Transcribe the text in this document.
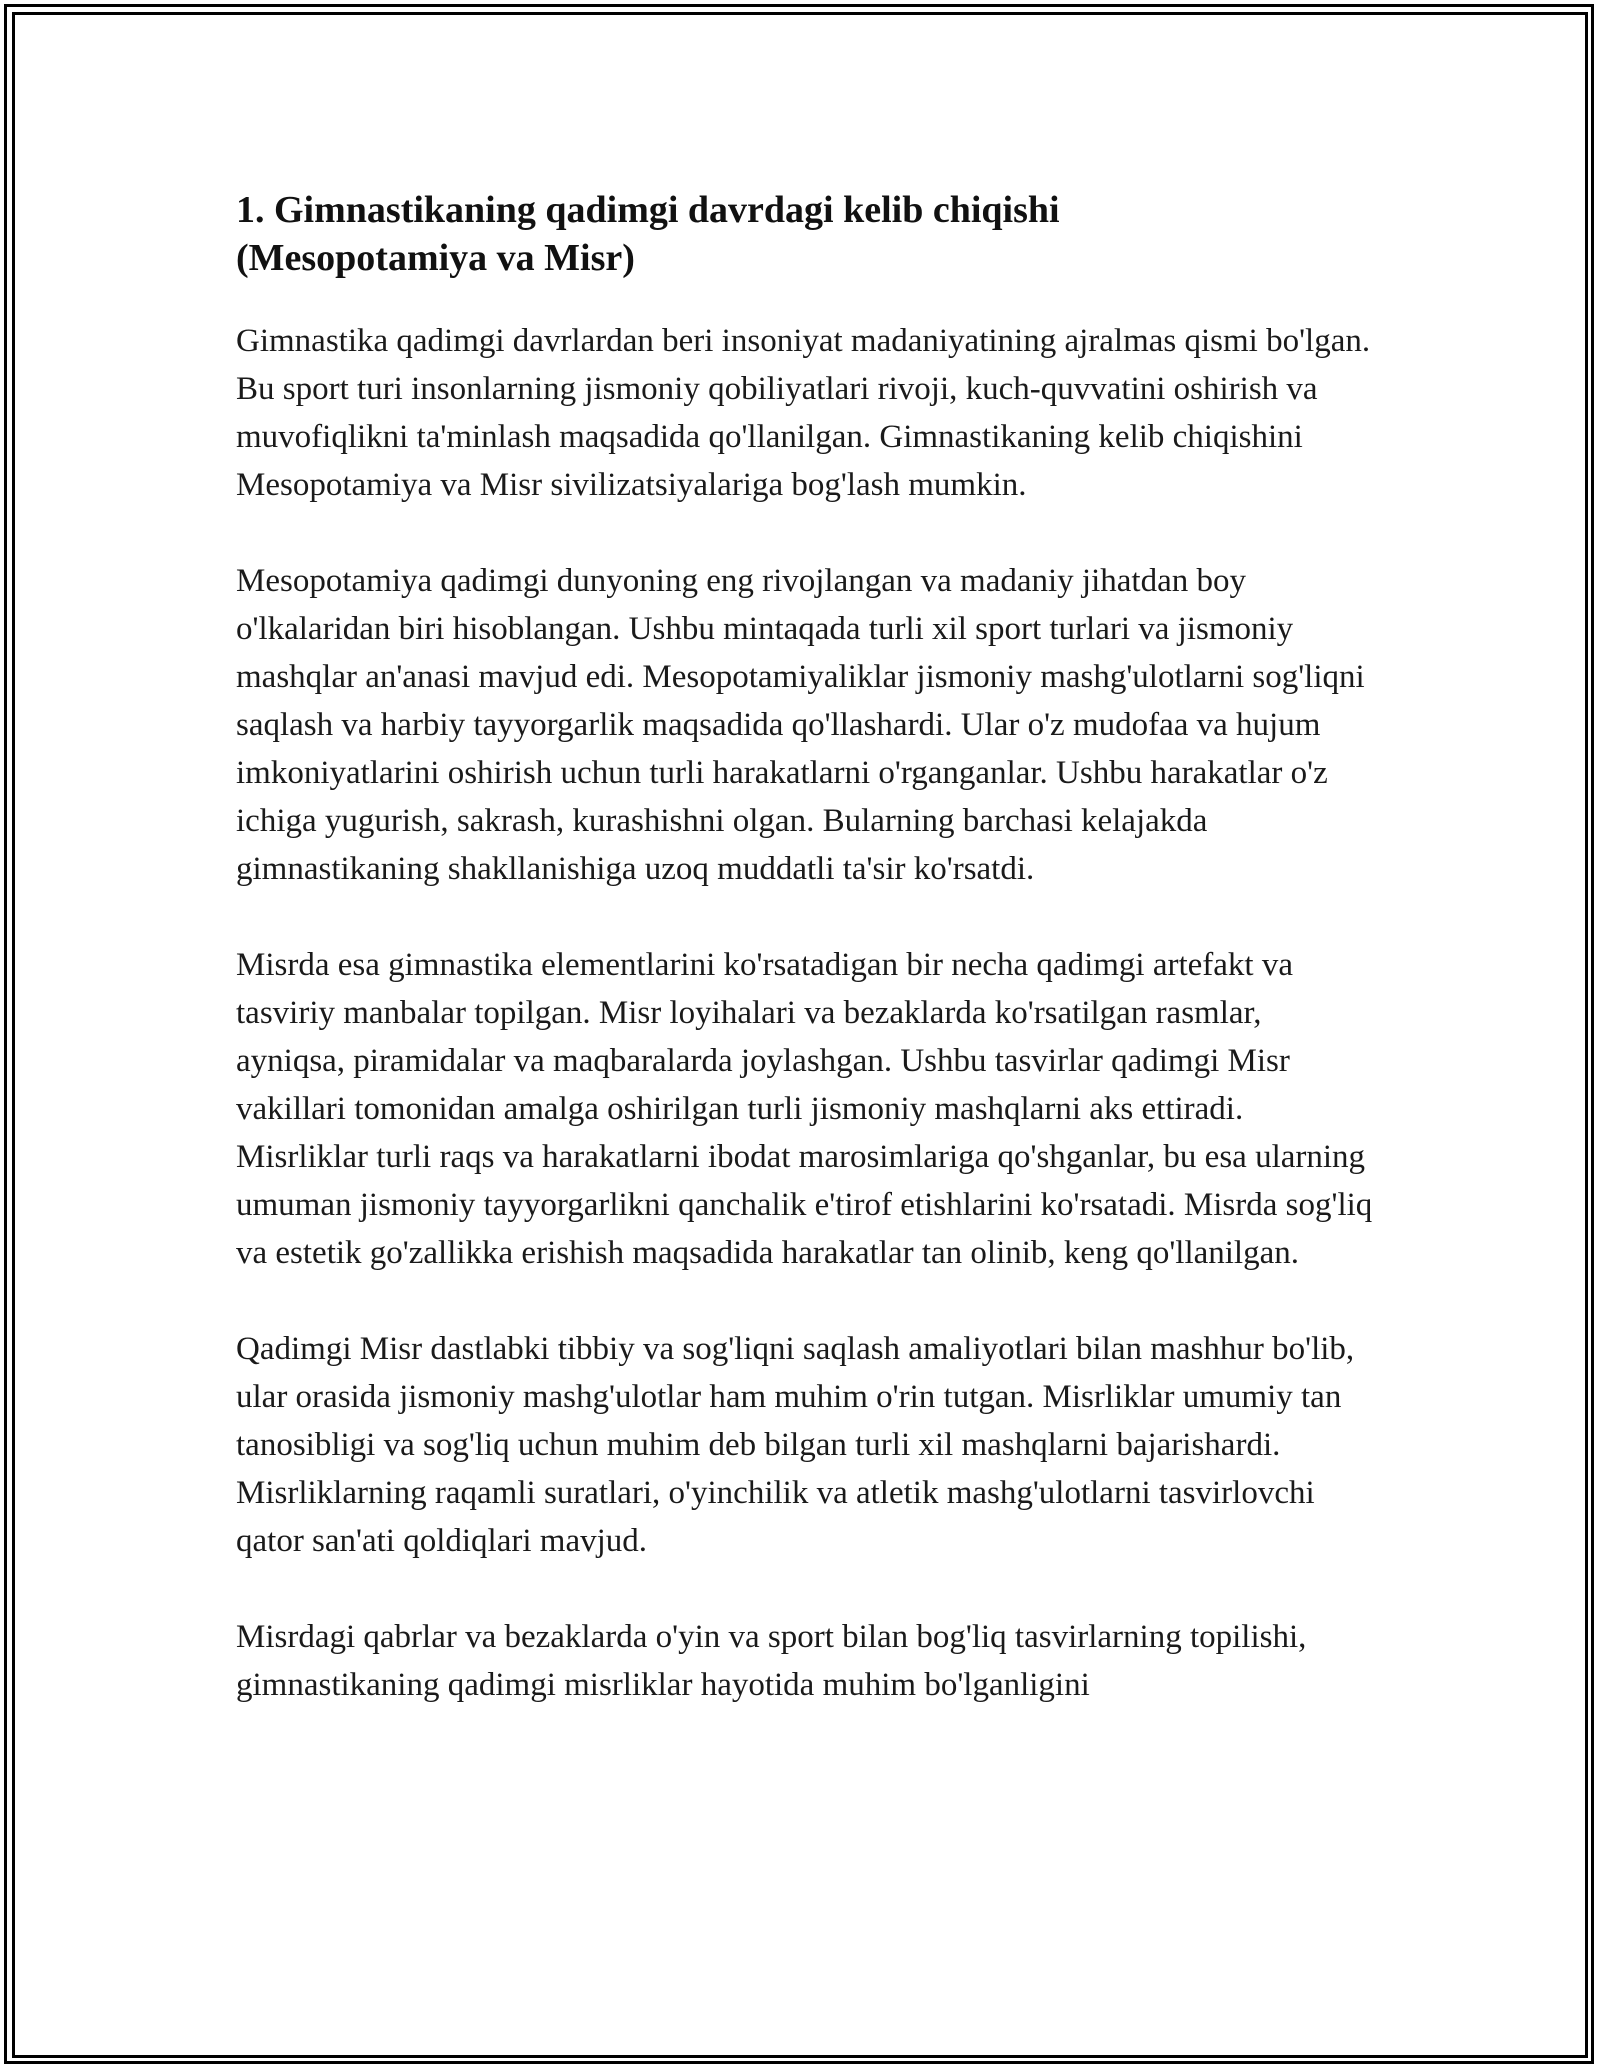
1. Gimnastikaning qadimgi davrdagi kelib chiqishi
(Mesopotamiya va Misr)

Gimnastika qadimgi davrlardan beri insoniyat madaniyatining ajralmas qismi bo'lgan. Bu sport turi insonlarning jismoniy qobiliyatlari rivoji, kuch-quvvatini oshirish va muvofiqlikni ta'minlash maqsadida qo'llanilgan. Gimnastikaning kelib chiqishini Mesopotamiya va Misr sivilizatsiyalariga bog'lash mumkin.

Mesopotamiya qadimgi dunyoning eng rivojlangan va madaniy jihatdan boy o'lkalaridan biri hisoblangan. Ushbu mintaqada turli xil sport turlari va jismoniy mashqlar an'anasi mavjud edi. Mesopotamiyaliklar jismoniy mashg'ulotlarni sog'liqni saqlash va harbiy tayyorgarlik maqsadida qo'llashardi. Ular o'z mudofaa va hujum imkoniyatlarini oshirish uchun turli harakatlarni o'rganganlar. Ushbu harakatlar o'z ichiga yugurish, sakrash, kurashishni olgan. Bularning barchasi kelajakda gimnastikaning shakllanishiga uzoq muddatli ta'sir ko'rsatdi.

Misrda esa gimnastika elementlarini ko'rsatadigan bir necha qadimgi artefakt va tasviriy manbalar topilgan. Misr loyihalari va bezaklarda ko'rsatilgan rasmlar, ayniqsa, piramidalar va maqbaralarda joylashgan. Ushbu tasvirlar qadimgi Misr vakillari tomonidan amalga oshirilgan turli jismoniy mashqlarni aks ettiradi. Misrliklar turli raqs va harakatlarni ibodat marosimlariga qo'shganlar, bu esa ularning umuman jismoniy tayyorgarlikni qanchalik e'tirof etishlarini ko'rsatadi. Misrda sog'liq va estetik go'zallikka erishish maqsadida harakatlar tan olinib, keng qo'llanilgan.

Qadimgi Misr dastlabki tibbiy va sog'liqni saqlash amaliyotlari bilan mashhur bo'lib, ular orasida jismoniy mashg'ulotlar ham muhim o'rin tutgan. Misrliklar umumiy tan tanosibligi va sog'liq uchun muhim deb bilgan turli xil mashqlarni bajarishardi. Misrliklarning raqamli suratlari, o'yinchilik va atletik mashg'ulotlarni tasvirlovchi qator san'ati qoldiqlari mavjud.

Misrdagi qabrlar va bezaklarda o'yin va sport bilan bog'liq tasvirlarning topilishi, gimnastikaning qadimgi misrliklar hayotida muhim bo'lganligini
